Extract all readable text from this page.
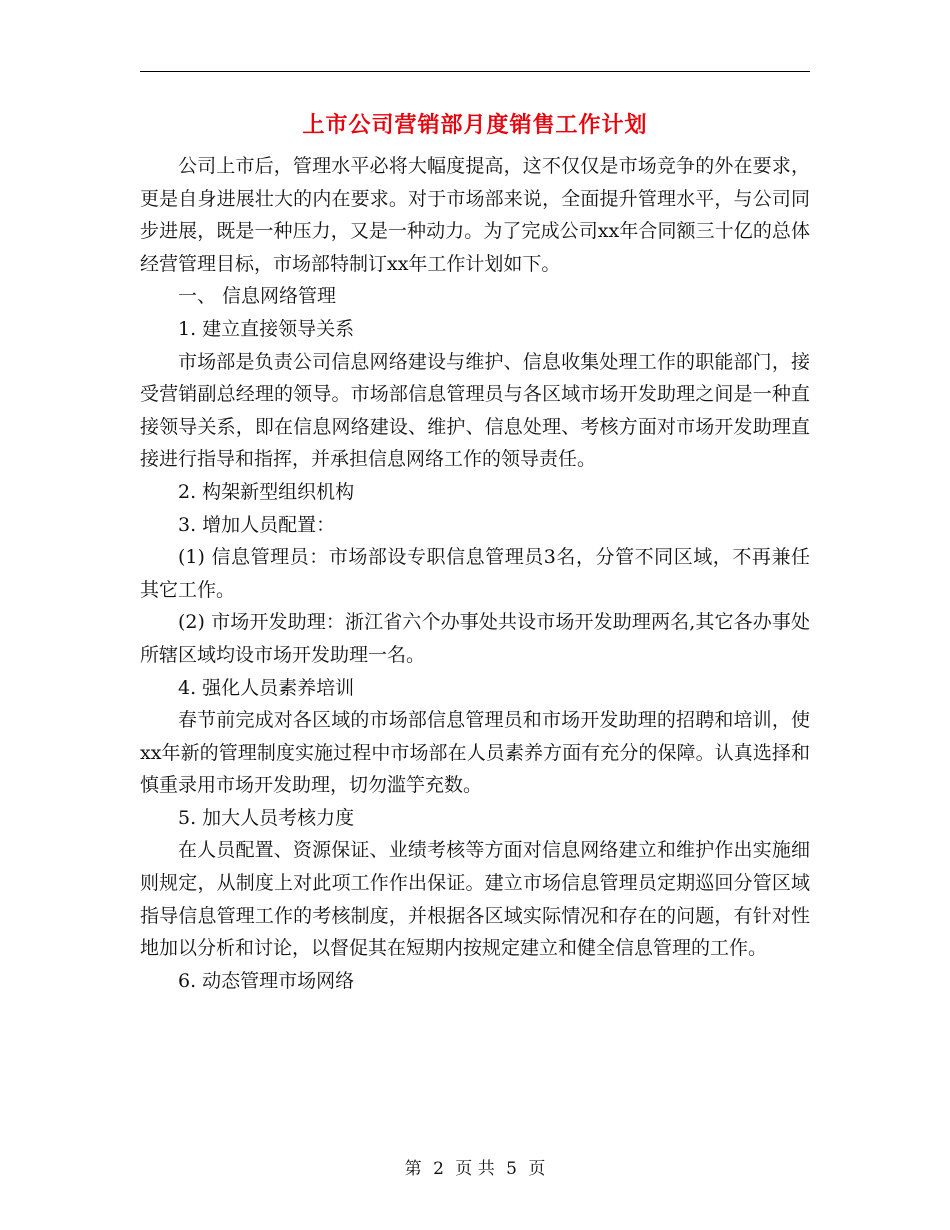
上市公司营销部月度销售工作计划

公司上市后，管理水平必将大幅度提高，这不仅仅是市场竞争的外在要求，更是自身进展壮大的内在要求。对于市场部来说，全面提升管理水平，与公司同步进展，既是一种压力，又是一种动力。为了完成公司xx年合同额三十亿的总体经营管理目标，市场部特制订xx年工作计划如下。

一、 信息网络管理

1. 建立直接领导关系

市场部是负责公司信息网络建设与维护、信息收集处理工作的职能部门，接受营销副总经理的领导。市场部信息管理员与各区域市场开发助理之间是一种直接领导关系，即在信息网络建设、维护、信息处理、考核方面对市场开发助理直接进行指导和指挥，并承担信息网络工作的领导责任。

2. 构架新型组织机构

3. 增加人员配置：

(1) 信息管理员：市场部设专职信息管理员3名，分管不同区域，不再兼任其它工作。

(2) 市场开发助理：浙江省六个办事处共设市场开发助理两名,其它各办事处所辖区域均设市场开发助理一名。

4. 强化人员素养培训

春节前完成对各区域的市场部信息管理员和市场开发助理的招聘和培训，使xx年新的管理制度实施过程中市场部在人员素养方面有充分的保障。认真选择和慎重录用市场开发助理，切勿滥竽充数。

5. 加大人员考核力度

在人员配置、资源保证、业绩考核等方面对信息网络建立和维护作出实施细则规定，从制度上对此项工作作出保证。建立市场信息管理员定期巡回分管区域指导信息管理工作的考核制度，并根据各区域实际情况和存在的问题，有针对性地加以分析和讨论，以督促其在短期内按规定建立和健全信息管理的工作。

6. 动态管理市场网络

第 2 页 共 5 页
